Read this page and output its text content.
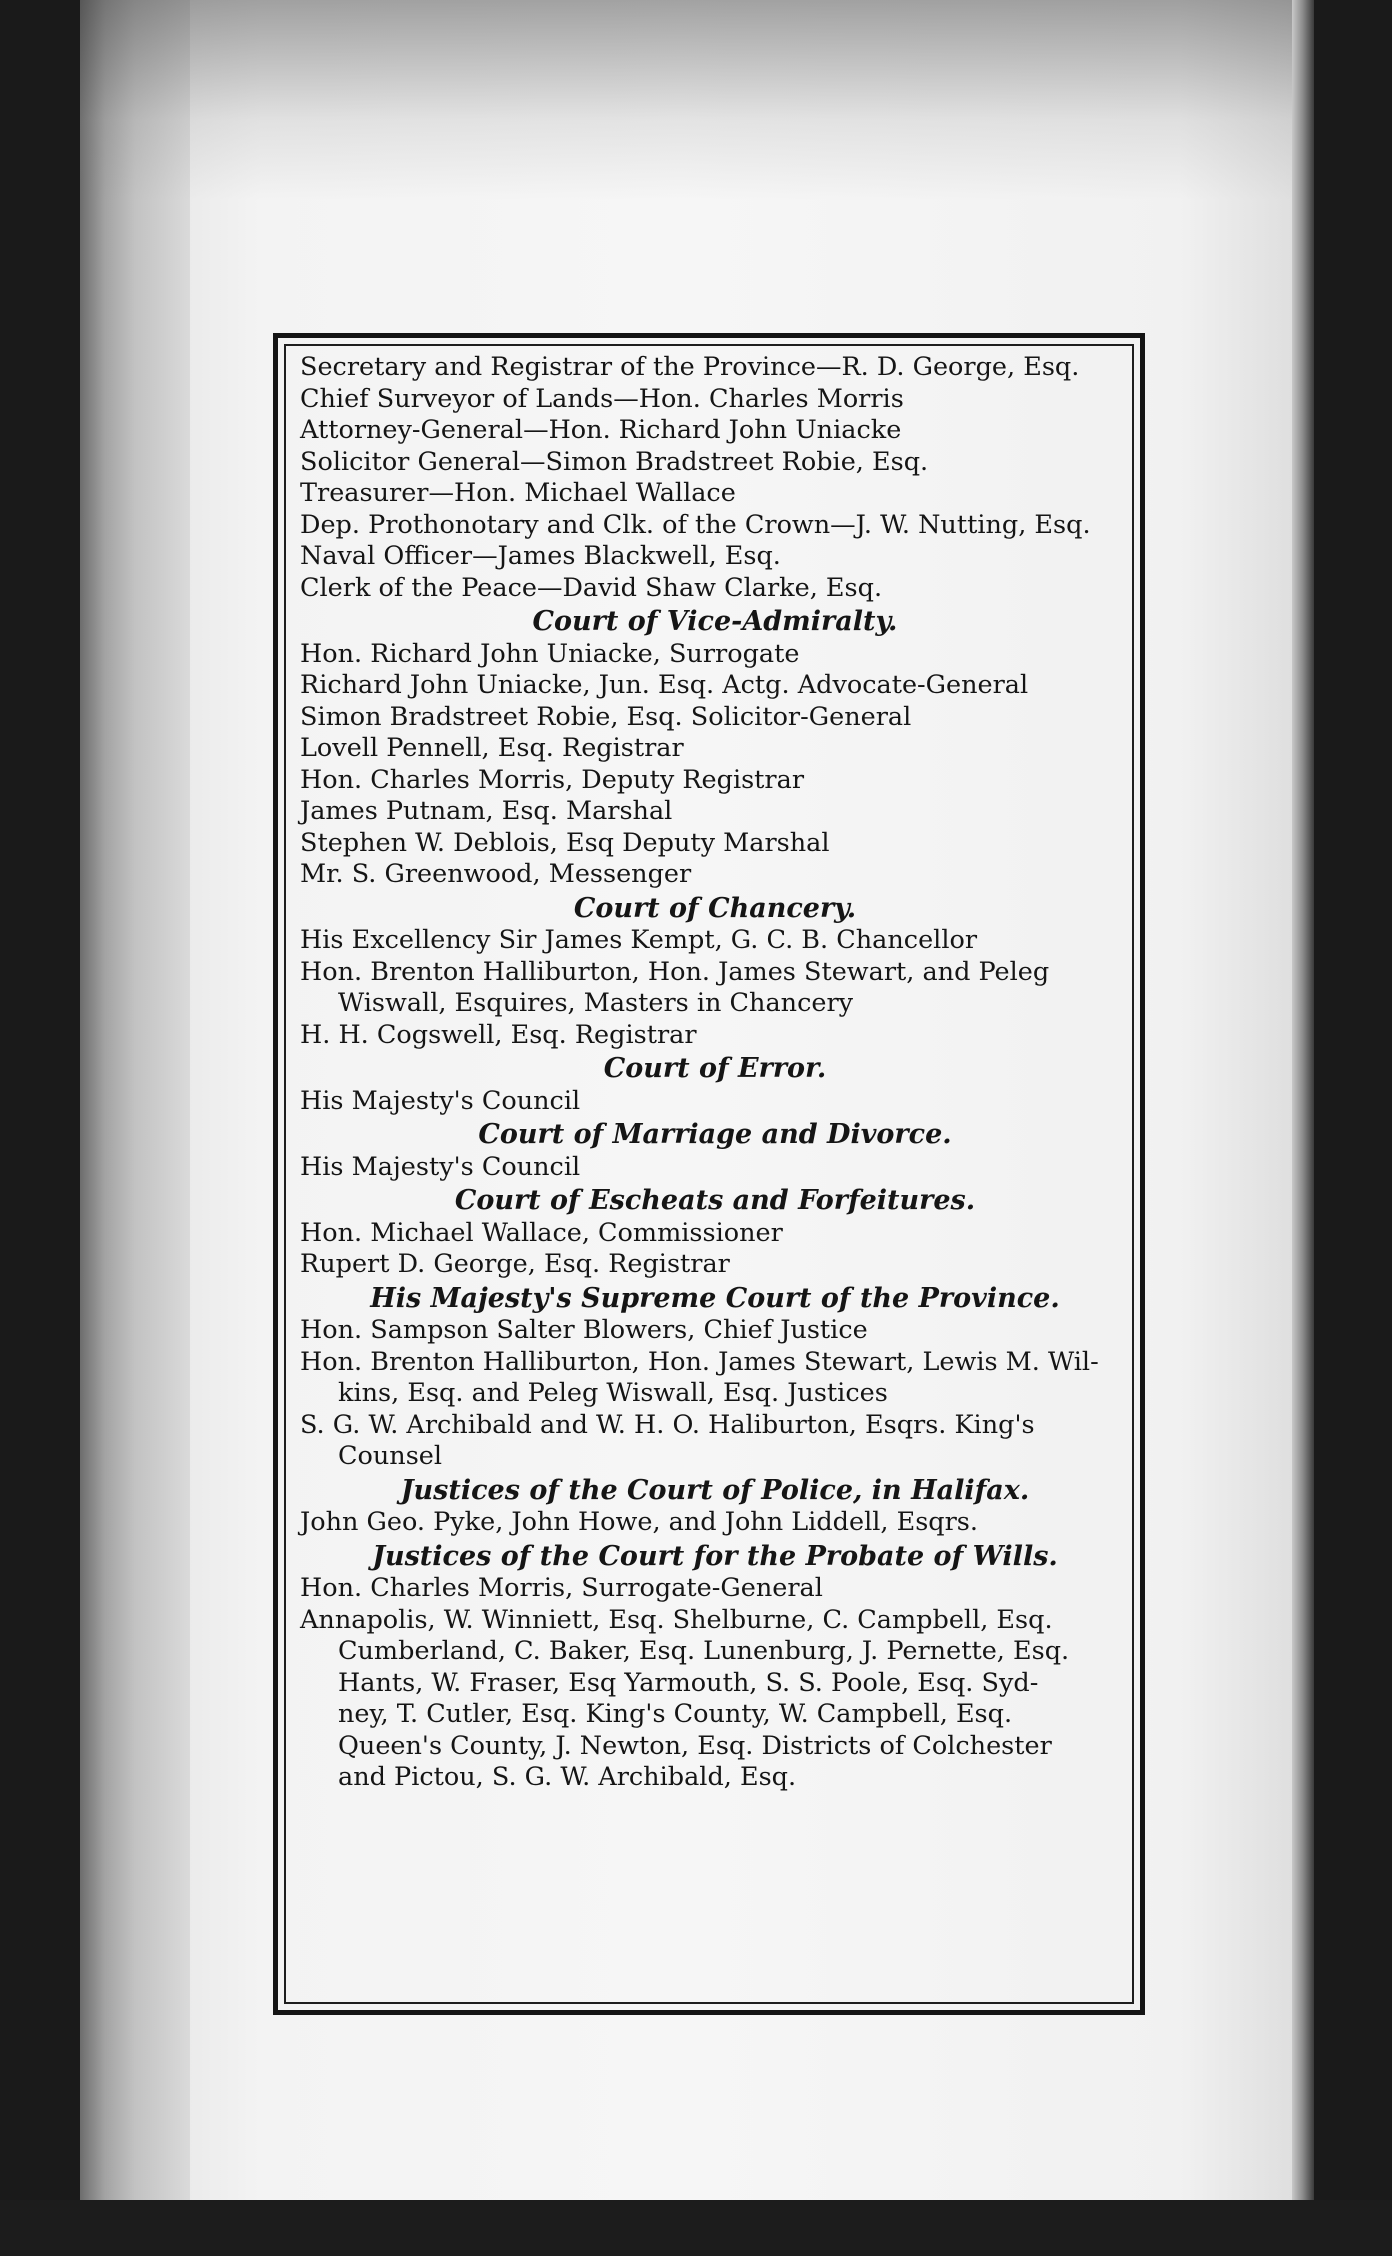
Secretary and Registrar of the Province—R. D. George, Esq.
Chief Surveyor of Lands—Hon. Charles Morris
Attorney-General—Hon. Richard John Uniacke
Solicitor General—Simon Bradstreet Robie, Esq.
Treasurer—Hon. Michael Wallace
Dep. Prothonotary and Clk. of the Crown—J. W. Nutting, Esq.
Naval Officer—James Blackwell, Esq.
Clerk of the Peace—David Shaw Clarke, Esq.
Court of Vice-Admiralty.
Hon. Richard John Uniacke, Surrogate
Richard John Uniacke, Jun. Esq. Actg. Advocate-General
Simon Bradstreet Robie, Esq. Solicitor-General
Lovell Pennell, Esq. Registrar
Hon. Charles Morris, Deputy Registrar
James Putnam, Esq. Marshal
Stephen W. Deblois, Esq Deputy Marshal
Mr. S. Greenwood, Messenger
Court of Chancery.
His Excellency Sir James Kempt, G. C. B. Chancellor
Hon. Brenton Halliburton, Hon. James Stewart, and Peleg
Wiswall, Esquires, Masters in Chancery
H. H. Cogswell, Esq. Registrar
Court of Error.
His Majesty's Council
Court of Marriage and Divorce.
His Majesty's Council
Court of Escheats and Forfeitures.
Hon. Michael Wallace, Commissioner
Rupert D. George, Esq. Registrar
His Majesty's Supreme Court of the Province.
Hon. Sampson Salter Blowers, Chief Justice
Hon. Brenton Halliburton, Hon. James Stewart, Lewis M. Wil-
kins, Esq. and Peleg Wiswall, Esq. Justices
S. G. W. Archibald and W. H. O. Haliburton, Esqrs. King's
Counsel
Justices of the Court of Police, in Halifax.
John Geo. Pyke, John Howe, and John Liddell, Esqrs.
Justices of the Court for the Probate of Wills.
Hon. Charles Morris, Surrogate-General
Annapolis, W. Winniett, Esq. Shelburne, C. Campbell, Esq.
Cumberland, C. Baker, Esq. Lunenburg, J. Pernette, Esq.
Hants, W. Fraser, Esq Yarmouth, S. S. Poole, Esq. Syd-
ney, T. Cutler, Esq. King's County, W. Campbell, Esq.
Queen's County, J. Newton, Esq. Districts of Colchester
and Pictou, S. G. W. Archibald, Esq.
